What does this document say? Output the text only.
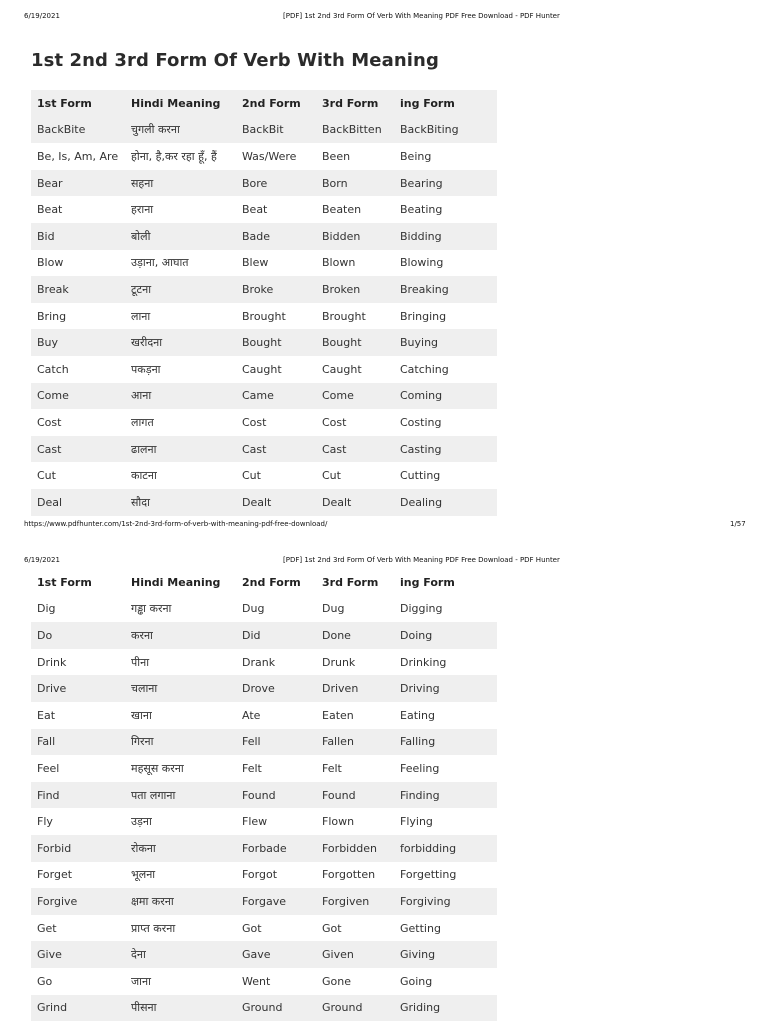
6/19/2021	[PDF] 1st 2nd 3rd Form Of Verb With Meaning PDF Free Download - PDF Hunter
1st 2nd 3rd Form Of Verb With Meaning
1st Form	Hindi Meaning	2nd Form	3rd Form	ing Form
BackBite	चुगली करना	BackBit	BackBitten	BackBiting
Be, Is, Am, Are	होना, है,कर रहा हूँ, हैं	Was/Were	Been	Being
Bear	सहना	Bore	Born	Bearing
Beat	हराना	Beat	Beaten	Beating
Bid	बोली	Bade	Bidden	Bidding
Blow	उड़ाना, आघात	Blew	Blown	Blowing
Break	टूटना	Broke	Broken	Breaking
Bring	लाना	Brought	Brought	Bringing
Buy	खरीदना	Bought	Bought	Buying
Catch	पकड़ना	Caught	Caught	Catching
Come	आना	Came	Come	Coming
Cost	लागत	Cost	Cost	Costing
Cast	ढालना	Cast	Cast	Casting
Cut	काटना	Cut	Cut	Cutting
Deal	सौदा	Dealt	Dealt	Dealing
https://www.pdfhunter.com/1st-2nd-3rd-form-of-verb-with-meaning-pdf-free-download/	1/57
6/19/2021	[PDF] 1st 2nd 3rd Form Of Verb With Meaning PDF Free Download - PDF Hunter
1st Form	Hindi Meaning	2nd Form	3rd Form	ing Form
Dig	गड्ढा करना	Dug	Dug	Digging
Do	करना	Did	Done	Doing
Drink	पीना	Drank	Drunk	Drinking
Drive	चलाना	Drove	Driven	Driving
Eat	खाना	Ate	Eaten	Eating
Fall	गिरना	Fell	Fallen	Falling
Feel	महसूस करना	Felt	Felt	Feeling
Find	पता लगाना	Found	Found	Finding
Fly	उड़ना	Flew	Flown	Flying
Forbid	रोकना	Forbade	Forbidden	forbidding
Forget	भूलना	Forgot	Forgotten	Forgetting
Forgive	क्षमा करना	Forgave	Forgiven	Forgiving
Get	प्राप्त करना	Got	Got	Getting
Give	देना	Gave	Given	Giving
Go	जाना	Went	Gone	Going
Grind	पीसना	Ground	Ground	Griding
